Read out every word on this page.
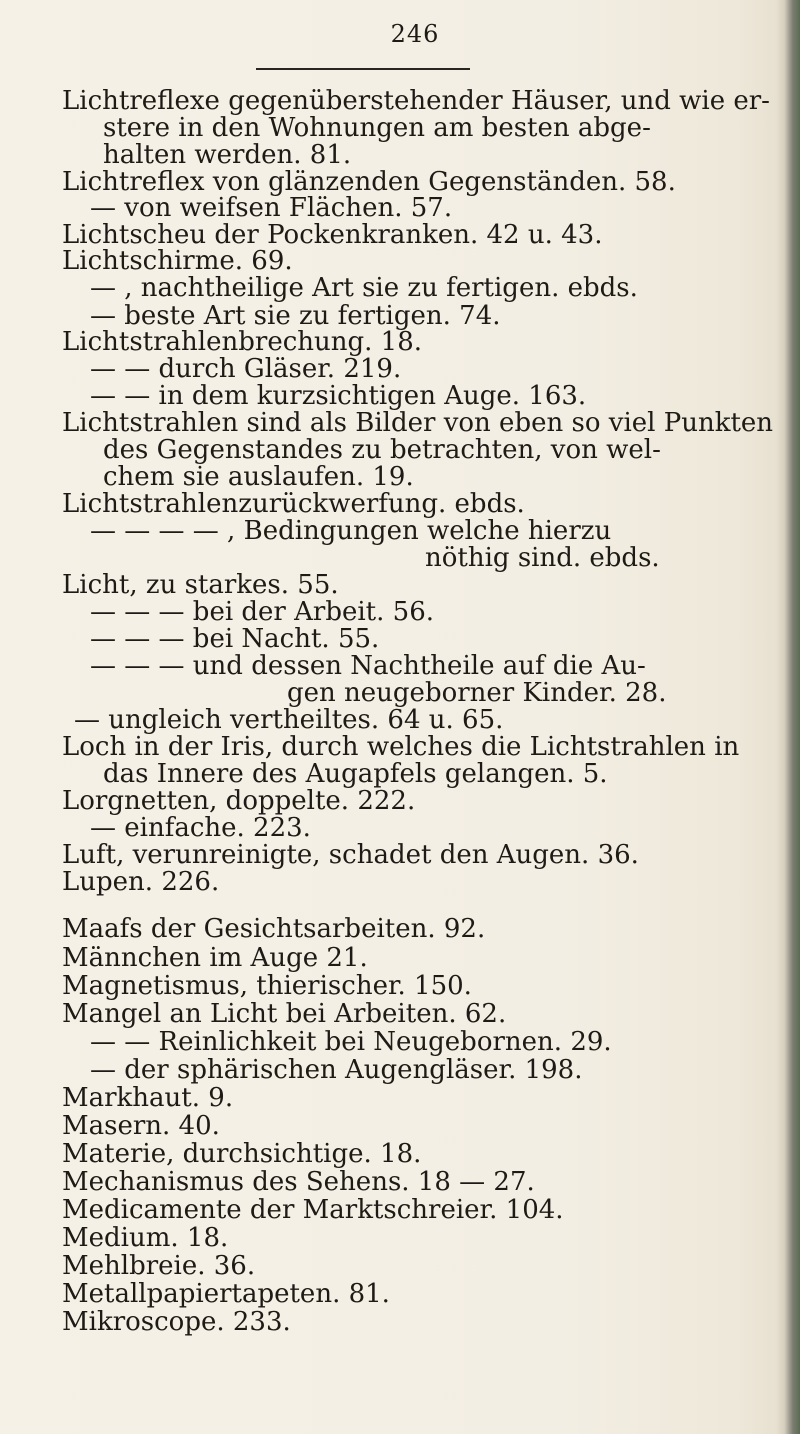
246
Lichtreflexe gegenüberstehender Häuser, und wie er-
stere in den Wohnungen am besten abge-
halten werden. 81.
Lichtreflex von glänzenden Gegenständen. 58.
— von weifsen Flächen. 57.
Lichtscheu der Pockenkranken. 42 u. 43.
Lichtschirme. 69.
— , nachtheilige Art sie zu fertigen. ebds.
— beste Art sie zu fertigen. 74.
Lichtstrahlenbrechung. 18.
— — durch Gläser. 219.
— — in dem kurzsichtigen Auge. 163.
Lichtstrahlen sind als Bilder von eben so viel Punkten
des Gegenstandes zu betrachten, von wel-
chem sie auslaufen. 19.
Lichtstrahlenzurückwerfung. ebds.
— — — — , Bedingungen welche hierzu
nöthig sind. ebds.
Licht, zu starkes. 55.
— — — bei der Arbeit. 56.
— — — bei Nacht. 55.
— — — und dessen Nachtheile auf die Au-
gen neugeborner Kinder. 28.
— ungleich vertheiltes. 64 u. 65.
Loch in der Iris, durch welches die Lichtstrahlen in
das Innere des Augapfels gelangen. 5.
Lorgnetten, doppelte. 222.
— einfache. 223.
Luft, verunreinigte, schadet den Augen. 36.
Lupen. 226.
Maafs der Gesichtsarbeiten. 92.
Männchen im Auge 21.
Magnetismus, thierischer. 150.
Mangel an Licht bei Arbeiten. 62.
— — Reinlichkeit bei Neugebornen. 29.
— der sphärischen Augengläser. 198.
Markhaut. 9.
Masern. 40.
Materie, durchsichtige. 18.
Mechanismus des Sehens. 18 — 27.
Medicamente der Marktschreier. 104.
Medium. 18.
Mehlbreie. 36.
Metallpapiertapeten. 81.
Mikroscope. 233.
